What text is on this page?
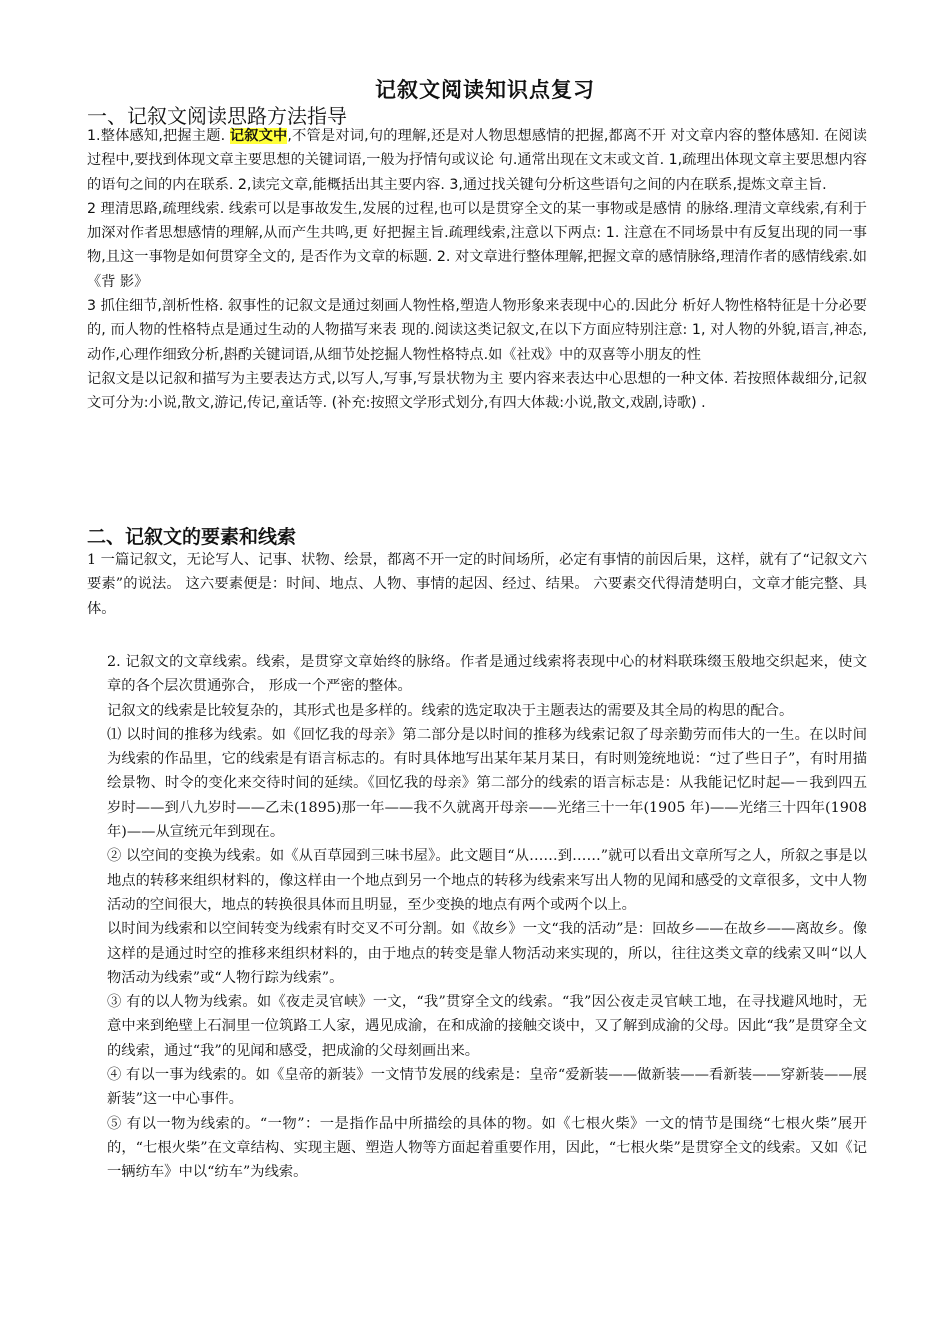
记叙文阅读知识点复习
一、记叙文阅读思路方法指导

1.整体感知,把握主题. 记叙文中,不管是对词,句的理解,还是对人物思想感情的把握,都离不开 对文章内容的整体感知. 在阅读过程中,要找到体现文章主要思想的关键词语,一般为抒情句或议论 句.通常出现在文末或文首. 1,疏理出体现文章主要思想内容的语句之间的内在联系. 2,读完文章,能概括出其主要内容. 3,通过找关键句分析这些语句之间的内在联系,提炼文章主旨.

2 理清思路,疏理线索. 线索可以是事故发生,发展的过程,也可以是贯穿全文的某一事物或是感情 的脉络.理清文章线索,有利于加深对作者思想感情的理解,从而产生共鸣,更 好把握主旨.疏理线索,注意以下两点: 1. 注意在不同场景中有反复出现的同一事物,且这一事物是如何贯穿全文的, 是否作为文章的标题. 2. 对文章进行整体理解,把握文章的感情脉络,理清作者的感情线索.如《背 影》

3 抓住细节,剖析性格. 叙事性的记叙文是通过刻画人物性格,塑造人物形象来表现中心的.因此分 析好人物性格特征是十分必要的, 而人物的性格特点是通过生动的人物描写来表 现的.阅读这类记叙文,在以下方面应特别注意: 1, 对人物的外貌,语言,神态,动作,心理作细致分析,斟酌关键词语,从细节处挖掘人物性格特点.如《社戏》中的双喜等小朋友的性

记叙文是以记叙和描写为主要表达方式,以写人,写事,写景状物为主 要内容来表达中心思想的一种文体. 若按照体裁细分,记叙文可分为:小说,散文,游记,传记,童话等. (补充:按照文学形式划分,有四大体裁:小说,散文,戏剧,诗歌) .

二、记叙文的要素和线索

1 一篇记叙文，无论写人、记事、状物、绘景，都离不开一定的时间场所，必定有事情的前因后果，这样，就有了“记叙文六要素”的说法。 这六要素便是：时间、地点、人物、事情的起因、经过、结果。 六要素交代得清楚明白，文章才能完整、具体。

2. 记叙文的文章线索。线索，是贯穿文章始终的脉络。作者是通过线索将表现中心的材料联珠缀玉般地交织起来，使文章的各个层次贯通弥合， 形成一个严密的整体。

记叙文的线索是比较复杂的，其形式也是多样的。线索的选定取决于主题表达的需要及其全局的构思的配合。

⑴ 以时间的推移为线索。如《回忆我的母亲》第二部分是以时间的推移为线索记叙了母亲勤劳而伟大的一生。在以时间为线索的作品里，它的线索是有语言标志的。有时具体地写出某年某月某日，有时则笼统地说：“过了些日子”，有时用描绘景物、时令的变化来交待时间的延续。《回忆我的母亲》第二部分的线索的语言标志是：从我能记忆时起—－我到四五岁时——到八九岁时——乙未(1895)那一年——我不久就离开母亲——光绪三十一年(1905 年)——光绪三十四年(1908 年)——从宣统元年到现在。

② 以空间的变换为线索。如《从百草园到三味书屋》。此文题目“从……到……”就可以看出文章所写之人，所叙之事是以地点的转移来组织材料的，像这样由一个地点到另一个地点的转移为线索来写出人物的见闻和感受的文章很多，文中人物活动的空间很大，地点的转换很具体而且明显，至少变换的地点有两个或两个以上。

以时间为线索和以空间转变为线索有时交叉不可分割。如《故乡》一文“我的活动”是：回故乡——在故乡——离故乡。像这样的是通过时空的推移来组织材料的，由于地点的转变是靠人物活动来实现的，所以，往往这类文章的线索又叫“以人物活动为线索”或“人物行踪为线索”。

③ 有的以人物为线索。如《夜走灵官峡》一文，“我”贯穿全文的线索。“我”因公夜走灵官峡工地，在寻找避风地时，无意中来到绝壁上石洞里一位筑路工人家，遇见成渝，在和成渝的接触交谈中，又了解到成渝的父母。因此“我”是贯穿全文的线索，通过“我”的见闻和感受，把成渝的父母刻画出来。

④ 有以一事为线索的。如《皇帝的新装》一文情节发展的线索是：皇帝“爱新装——做新装——看新装——穿新装——展新装”这一中心事件。

⑤ 有以一物为线索的。“一物”：一是指作品中所描绘的具体的物。如《七根火柴》一文的情节是围绕“七根火柴”展开的，“七根火柴”在文章结构、实现主题、塑造人物等方面起着重要作用，因此，“七根火柴”是贯穿全文的线索。又如《记一辆纺车》中以“纺车”为线索。
